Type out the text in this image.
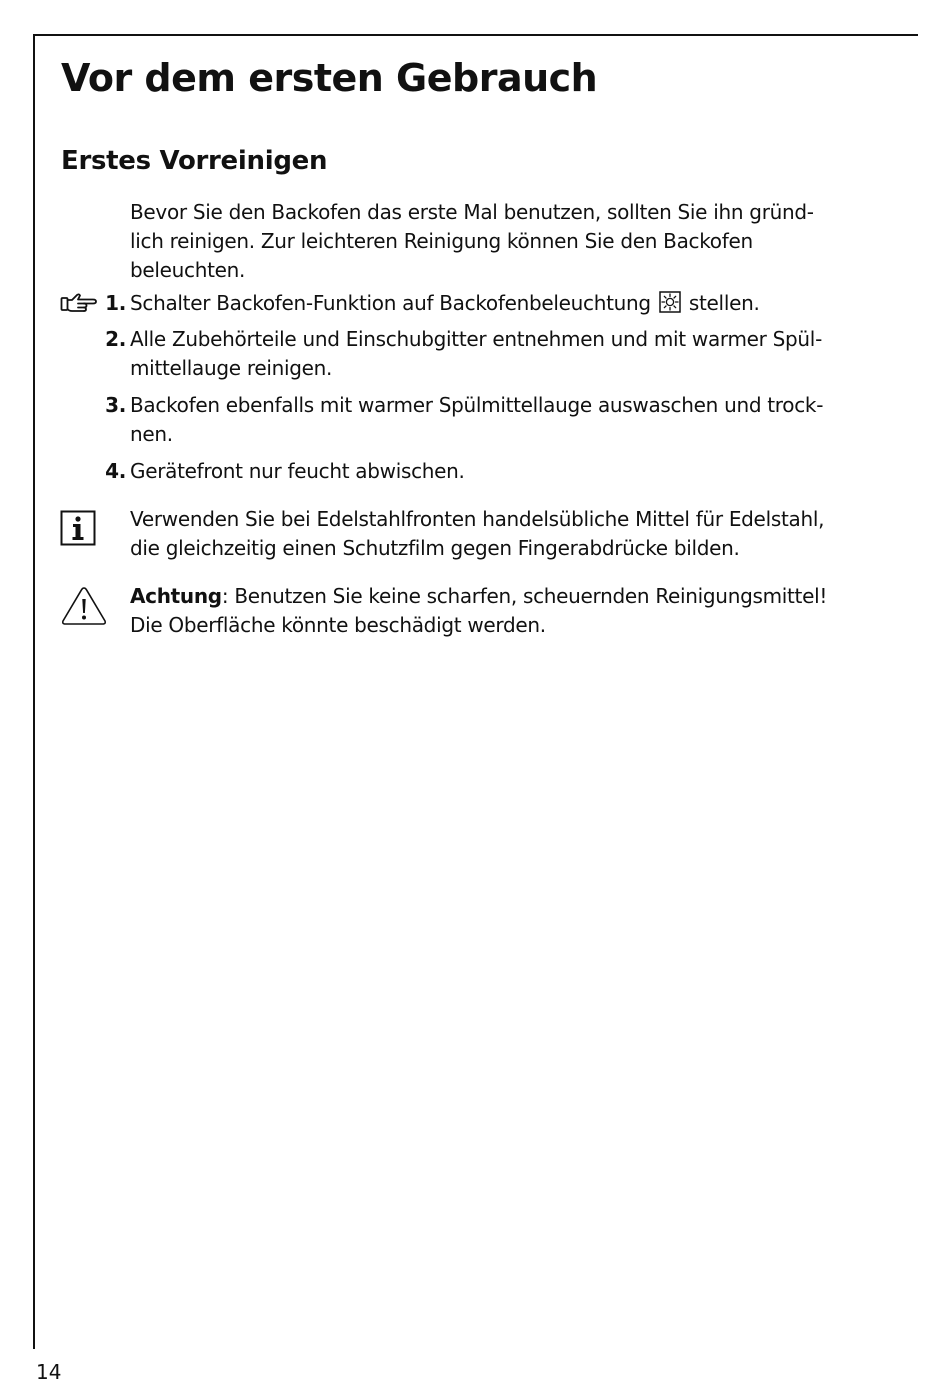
Vor dem ersten Gebrauch
Erstes Vorreinigen

Bevor Sie den Backofen das erste Mal benutzen, sollten Sie ihn gründ-
lich reinigen. Zur leichteren Reinigung können Sie den Backofen
beleuchten.

1. Schalter Backofen-Funktion auf Backofenbeleuchtung stellen.

2. Alle Zubehörteile und Einschubgitter entnehmen und mit warmer Spül-
mittellauge reinigen.

3. Backofen ebenfalls mit warmer Spülmittellauge auswaschen und trock-
nen.

4. Gerätefront nur feucht abwischen.

Verwenden Sie bei Edelstahlfronten handelsübliche Mittel für Edelstahl,
die gleichzeitig einen Schutzfilm gegen Fingerabdrücke bilden.

Achtung: Benutzen Sie keine scharfen, scheuernden Reinigungsmittel!
Die Oberfläche könnte beschädigt werden.

14
